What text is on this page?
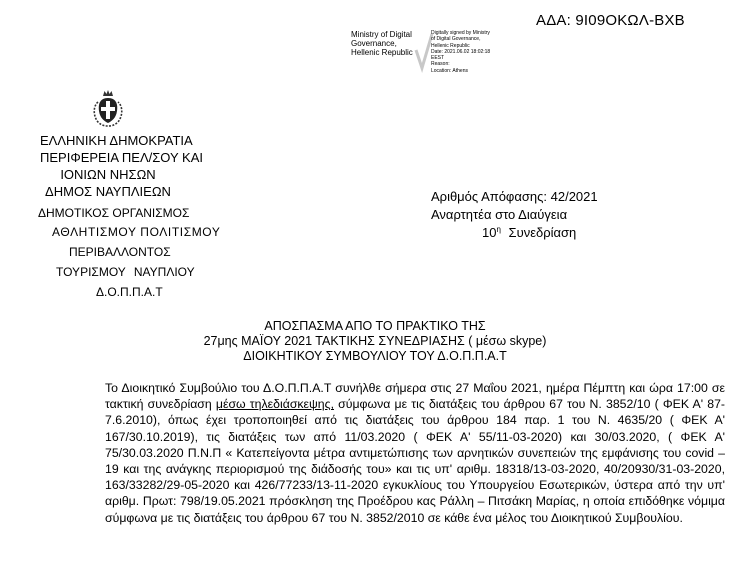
ΑΔΑ: 9Ι09ΟΚΩΛ-ΒΧΒ
Ministry of Digital
Governance,
Hellenic Republic
Digitally signed by Ministry
of Digital Governance,
Hellenic Republic
Date: 2021.06.02 18:02:18
EEST
Reason:
Location: Athens
ΕΛΛΗΝΙΚΗ ΔΗΜΟΚΡΑΤΙΑ
ΠΕΡΙΦΕΡΕΙΑ ΠΕΛ/ΣΟΥ ΚΑΙ
ΙΟΝΙΩΝ ΝΗΣΩΝ
ΔΗΜΟΣ ΝΑΥΠΛΙΕΩΝ
ΔΗΜΟΤΙΚΟΣ ΟΡΓΑΝΙΣΜΟΣ
ΑΘΛΗΤΙΣΜΟΥ ΠΟΛΙΤΙΣΜΟΥ
ΠΕΡΙΒΑΛΛΟΝΤΟΣ
ΤΟΥΡΙΣΜΟΥ ΝΑΥΠΛΙΟΥ
Δ.Ο.Π.Π.Α.Τ
Αριθμός Απόφασης: 42/2021
Αναρτητέα στο Διαύγεια
$10^\eta$ Συνεδρίαση
ΑΠΟΣΠΑΣΜΑ ΑΠΟ ΤΟ ΠΡΑΚΤΙΚΟ ΤΗΣ
27μης ΜΑΪΟΥ 2021 ΤΑΚΤΙΚΗΣ ΣΥΝΕΔΡΙΑΣΗΣ ( μέσω skype)
ΔΙΟΙΚΗΤΙΚΟΥ ΣΥΜΒΟΥΛΙΟΥ ΤΟΥ Δ.Ο.Π.Π.Α.Τ
Το Διοικητικό Συμβούλιο του Δ.Ο.Π.Π.Α.Τ συνήλθε σήμερα στις 27 Μαΐου 2021, ημέρα Πέμπτη και ώρα 17:00 σε τακτική συνεδρίαση μέσω τηλεδιάσκεψης, σύμφωνα με τις διατάξεις του άρθρου 67 του Ν. 3852/10 ( ΦΕΚ Α' 87-7.6.2010), όπως έχει τροποποιηθεί από τις διατάξεις του άρθρου 184 παρ. 1 του Ν. 4635/20 ( ΦΕΚ Α' 167/30.10.2019), τις διατάξεις των από 11/03.2020 ( ΦΕΚ Α' 55/11-03-2020) και 30/03.2020, ( ΦΕΚ Α' 75/30.03.2020 Π.Ν.Π « Κατεπείγοντα μέτρα αντιμετώπισης των αρνητικών συνεπειών της εμφάνισης του covid – 19 και της ανάγκης περιορισμού της διάδοσής του» και τις υπ' αριθμ. 18318/13-03-2020, 40/20930/31-03-2020, 163/33282/29-05-2020 και 426/77233/13-11-2020 εγκυκλίους του Υπουργείου Εσωτερικών, ύστερα από την υπ' αριθμ. Πρωτ: 798/19.05.2021 πρόσκληση της Προέδρου κας Ράλλη – Πιτσάκη Μαρίας, η οποία επιδόθηκε νόμιμα σύμφωνα με τις διατάξεις του άρθρου 67 του Ν. 3852/2010 σε κάθε ένα μέλος του Διοικητικού Συμβουλίου.
